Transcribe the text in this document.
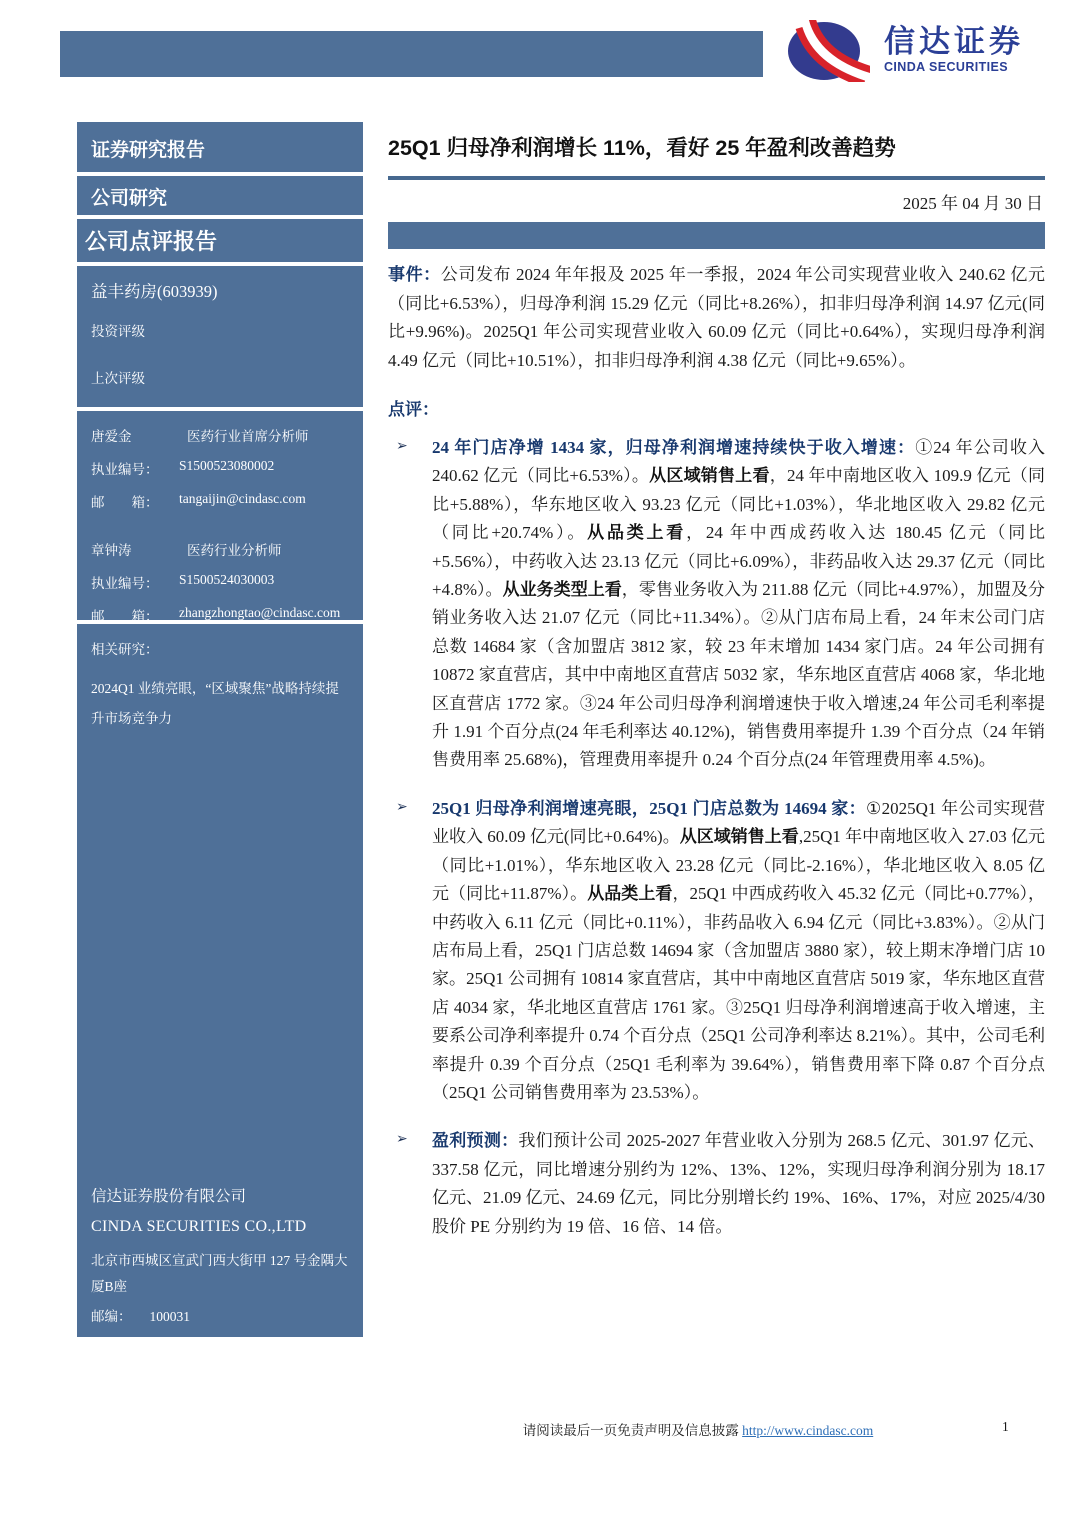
信达证券
CINDA SECURITIES
证券研究报告
公司研究
公司点评报告
益丰药房(603939)
投资评级
上次评级
唐爱金	医药行业首席分析师
执业编号：	S1500523080002
邮　　箱：	tangaijin@cindasc.com
章钟涛	医药行业分析师
执业编号：	S1500524030003
邮　　箱：	zhangzhongtao@cindasc.com
相关研究：
2024Q1 业绩亮眼，“区域聚焦”战略持续提升市场竞争力
信达证券股份有限公司
CINDA SECURITIES CO.,LTD
北京市西城区宣武门西大街甲 127 号金隅大厦B座
邮编： 100031
25Q1 归母净利润增长 11%，看好 25 年盈利改善趋势
2025 年 04 月 30 日
事件：公司发布 2024 年年报及 2025 年一季报，2024 年公司实现营业收入 240.62 亿元（同比+6.53%），归母净利润 15.29 亿元（同比+8.26%），扣非归母净利润 14.97 亿元(同比+9.96%)。2025Q1 年公司实现营业收入 60.09 亿元（同比+0.64%），实现归母净利润 4.49 亿元（同比+10.51%），扣非归母净利润 4.38 亿元（同比+9.65%）。
点评：
➢	24 年门店净增 1434 家，归母净利润增速持续快于收入增速：①24 年公司收入 240.62 亿元（同比+6.53%）。从区域销售上看，24 年中南地区收入 109.9 亿元（同比+5.88%），华东地区收入 93.23 亿元（同比+1.03%），华北地区收入 29.82 亿元（同比+20.74%）。从品类上看，24 年中西成药收入达 180.45 亿元（同比+5.56%），中药收入达 23.13 亿元（同比+6.09%），非药品收入达 29.37 亿元（同比+4.8%）。从业务类型上看，零售业务收入为 211.88 亿元（同比+4.97%），加盟及分销业务收入达 21.07 亿元（同比+11.34%）。②从门店布局上看，24 年末公司门店总数 14684 家（含加盟店 3812 家，较 23 年末增加 1434 家门店。24 年公司拥有 10872 家直营店，其中中南地区直营店 5032 家，华东地区直营店 4068 家，华北地区直营店 1772 家。③24 年公司归母净利润增速快于收入增速,24 年公司毛利率提升 1.91 个百分点(24 年毛利率达 40.12%)，销售费用率提升 1.39 个百分点（24 年销售费用率 25.68%)，管理费用率提升 0.24 个百分点(24 年管理费用率 4.5%)。
➢	25Q1 归母净利润增速亮眼，25Q1 门店总数为 14694 家：①2025Q1 年公司实现营业收入 60.09 亿元(同比+0.64%)。从区域销售上看,25Q1 年中南地区收入 27.03 亿元（同比+1.01%），华东地区收入 23.28 亿元（同比-2.16%），华北地区收入 8.05 亿元（同比+11.87%）。从品类上看，25Q1 中西成药收入 45.32 亿元（同比+0.77%），中药收入 6.11 亿元（同比+0.11%），非药品收入 6.94 亿元（同比+3.83%）。②从门店布局上看，25Q1 门店总数 14694 家（含加盟店 3880 家），较上期末净增门店 10 家。25Q1 公司拥有 10814 家直营店，其中中南地区直营店 5019 家，华东地区直营店 4034 家，华北地区直营店 1761 家。③25Q1 归母净利润增速高于收入增速，主要系公司净利率提升 0.74 个百分点（25Q1 公司净利率达 8.21%）。其中，公司毛利率提升 0.39 个百分点（25Q1 毛利率为 39.64%），销售费用率下降 0.87 个百分点（25Q1 公司销售费用率为 23.53%）。
➢	盈利预测：我们预计公司 2025-2027 年营业收入分别为 268.5 亿元、301.97 亿元、337.58 亿元，同比增速分别约为 12%、13%、12%，实现归母净利润分别为 18.17 亿元、21.09 亿元、24.69 亿元，同比分别增长约 19%、16%、17%，对应 2025/4/30 股价 PE 分别约为 19 倍、16 倍、14 倍。
请阅读最后一页免责声明及信息披露 http://www.cindasc.com	1
